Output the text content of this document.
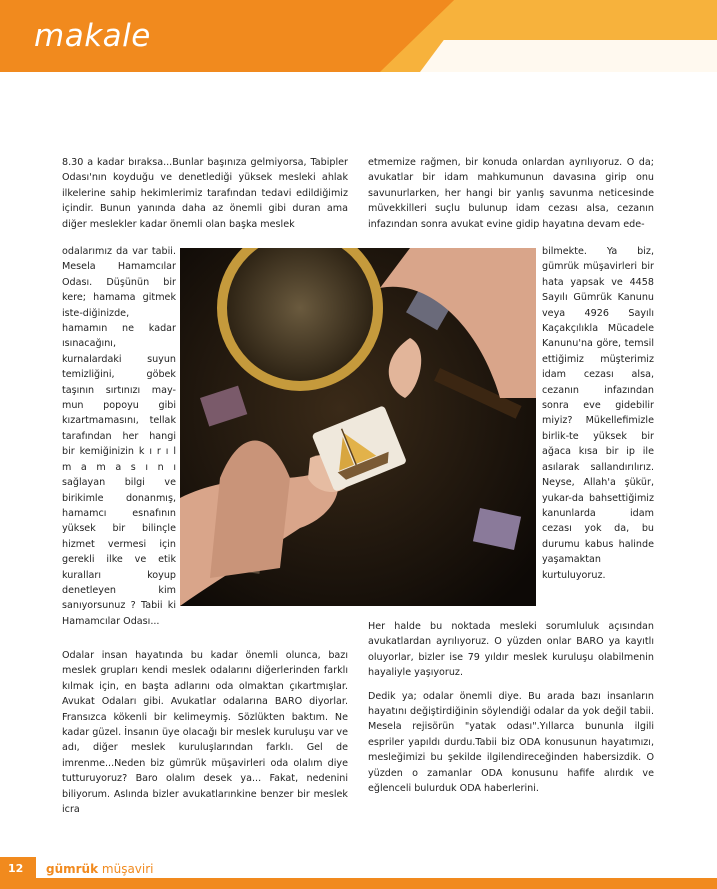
makale
8.30 a kadar bıraksa...Bunlar başınıza gelmiyorsa, Tabipler Odası'nın koyduğu ve denetlediği yüksek mesleki ahlak ilkelerine sahip hekimlerimiz tarafından tedavi edildiğimiz içindir. Bunun yanında daha az önemli gibi duran ama diğer meslekler kadar önemli olan başka meslek
odalarımız da var tabii. Mesela Hamamcılar Odası. Düşünün bir kere; hamama gitmek iste-diğinizde, hamamın ne kadar ısınacağını, kurnalardaki suyun temizliğini, göbek taşının sırtınızı may-mun popoyu gibi kızartmamasını, tellak tarafından her hangi bir kemiğinizin k ı r ı l m a m a s ı n ı sağlayan bilgi ve birikimle donanmış, hamamcı esnafının yüksek bir bilinçle hizmet vermesi için gerekli ilke ve etik kuralları koyup denetleyen kim sanıyorsunuz ? Tabii ki Hamamcılar Odası...
Odalar insan hayatında bu kadar önemli olunca, bazı meslek grupları kendi meslek odalarını diğerlerinden farklı kılmak için, en başta adlarını oda olmaktan çıkartmışlar. Avukat Odaları gibi. Avukatlar odalarına BARO diyorlar. Fransızca kökenli bir kelimeymiş. Sözlükten baktım. Ne kadar güzel. İnsanın üye olacağı bir meslek kuruluşu var ve adı, diğer meslek kuruluşlarından farklı. Gel de imrenme...Neden biz gümrük müşavirleri oda olalım diye tutturuyoruz? Baro olalım desek ya... Fakat, nedenini biliyorum. Aslında bizler avukatlarınkine benzer bir meslek icra
etmemize rağmen, bir konuda onlardan ayrılıyoruz. O da; avukatlar bir idam mahkumunun davasına girip onu savunurlarken, her hangi bir yanlış savunma neticesinde müvekkilleri suçlu bulunup idam cezası alsa, cezanın infazından sonra avukat evine gidip hayatına devam ede-
bilmekte. Ya biz, gümrük müşavirleri bir hata yapsak ve 4458 Sayılı Gümrük Kanunu veya 4926 Sayılı Kaçakçılıkla Mücadele Kanunu'na göre, temsil ettiğimiz müşterimiz idam cezası alsa, cezanın infazından sonra eve gidebilir miyiz? Mükellefimizle birlik-te yüksek bir ağaca kısa bir ip ile asılarak sallandırılırız. Neyse, Allah'a şükür, yukar-da bahsettiğimiz kanunlarda idam cezası yok da, bu durumu kabus halinde yaşamaktan kurtuluyoruz.

Her halde bu noktada mesleki sorumluluk açısından avukatlardan ayrılıyoruz. O yüzden onlar BARO ya kayıtlı oluyorlar, bizler ise 79 yıldır meslek kuruluşu olabilmenin hayaliyle yaşıyoruz.

Dedik ya; odalar önemli diye. Bu arada bazı insanların hayatını değiştirdiğinin söylendiği odalar da yok değil tabii. Mesela rejisörün "yatak odası".Yıllarca bununla ilgili espriler yapıldı durdu.Tabii biz ODA konusunun hayatımızı, mesleğimizi bu şekilde ilgilendireceğinden habersizdik. O yüzden o zamanlar ODA konusunu hafife alırdık ve eğlenceli bulurduk ODA haberlerini.

12 gümrük müşaviri
